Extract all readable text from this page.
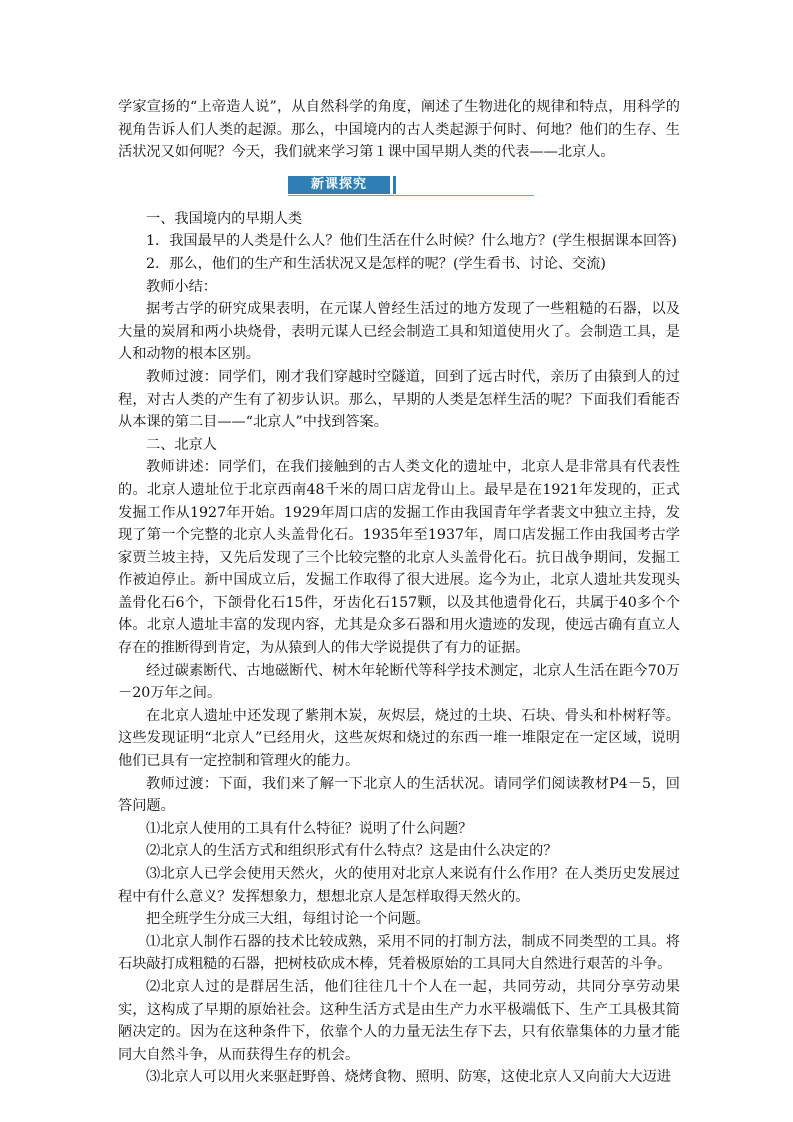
学家宣扬的“上帝造人说”，从自然科学的角度，阐述了生物进化的规律和特点，用科学的视角告诉人们人类的起源。那么，中国境内的古人类起源于何时、何地？他们的生存、生活状况又如何呢？今天，我们就来学习第１课中国早期人类的代表——北京人。

新课探究

一、我国境内的早期人类

1．我国最早的人类是什么人？他们生活在什么时候？什么地方？(学生根据课本回答)

2．那么，他们的生产和生活状况又是怎样的呢？(学生看书、讨论、交流)

教师小结：

据考古学的研究成果表明，在元谋人曾经生活过的地方发现了一些粗糙的石器，以及大量的炭屑和两小块烧骨，表明元谋人已经会制造工具和知道使用火了。会制造工具，是人和动物的根本区别。

教师过渡：同学们，刚才我们穿越时空隧道，回到了远古时代，亲历了由猿到人的过程，对古人类的产生有了初步认识。那么，早期的人类是怎样生活的呢？下面我们看能否从本课的第二目——“北京人”中找到答案。

二、北京人

教师讲述：同学们，在我们接触到的古人类文化的遗址中，北京人是非常具有代表性的。北京人遗址位于北京西南48千米的周口店龙骨山上。最早是在1921年发现的，正式发掘工作从1927年开始。1929年周口店的发掘工作由我国青年学者裴文中独立主持，发现了第一个完整的北京人头盖骨化石。1935年至1937年，周口店发掘工作由我国考古学家贾兰坡主持，又先后发现了三个比较完整的北京人头盖骨化石。抗日战争期间，发掘工作被迫停止。新中国成立后，发掘工作取得了很大进展。迄今为止，北京人遗址共发现头盖骨化石6个，下颌骨化石15件，牙齿化石157颗，以及其他遗骨化石，共属于40多个个体。北京人遗址丰富的发现内容，尤其是众多石器和用火遗迹的发现，使远古确有直立人存在的推断得到肯定，为从猿到人的伟大学说提供了有力的证据。

经过碳素断代、古地磁断代、树木年轮断代等科学技术测定，北京人生活在距今70万－20万年之间。

在北京人遗址中还发现了紫荆木炭，灰烬层，烧过的土块、石块、骨头和朴树籽等。这些发现证明“北京人”已经用火，这些灰烬和烧过的东西一堆一堆限定在一定区域，说明他们已具有一定控制和管理火的能力。

教师过渡：下面，我们来了解一下北京人的生活状况。请同学们阅读教材P4－5，回答问题。

⑴北京人使用的工具有什么特征？说明了什么问题？

⑵北京人的生活方式和组织形式有什么特点？这是由什么决定的？

⑶北京人已学会使用天然火，火的使用对北京人来说有什么作用？在人类历史发展过程中有什么意义？发挥想象力，想想北京人是怎样取得天然火的。

把全班学生分成三大组，每组讨论一个问题。

⑴北京人制作石器的技术比较成熟，采用不同的打制方法，制成不同类型的工具。将石块敲打成粗糙的石器，把树枝砍成木棒，凭着极原始的工具同大自然进行艰苦的斗争。

⑵北京人过的是群居生活，他们往往几十个人在一起，共同劳动，共同分享劳动果实，这构成了早期的原始社会。这种生活方式是由生产力水平极端低下、生产工具极其简陋决定的。因为在这种条件下，依靠个人的力量无法生存下去，只有依靠集体的力量才能同大自然斗争，从而获得生存的机会。

⑶北京人可以用火来驱赶野兽、烧烤食物、照明、防寒，这使北京人又向前大大迈进
